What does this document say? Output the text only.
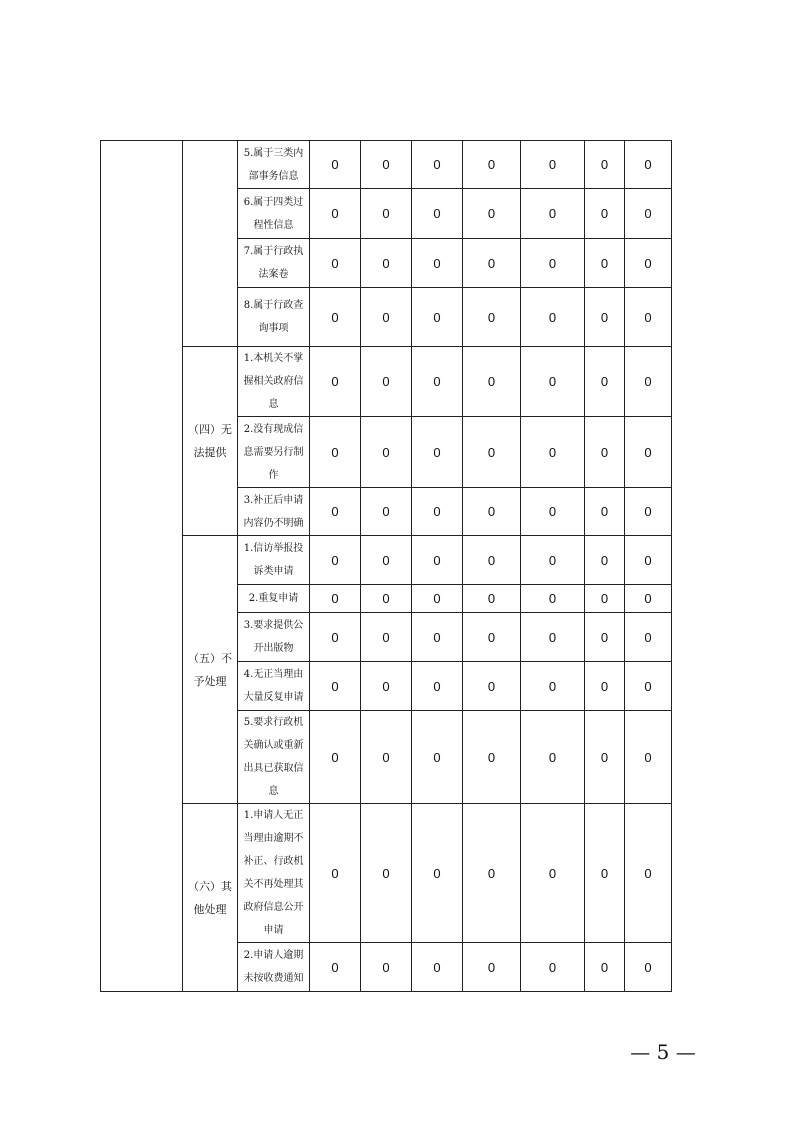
		5.属于三类内部事务信息	0	0	0	0	0	0	0
		6.属于四类过程性信息	0	0	0	0	0	0	0
		7.属于行政执法案卷	0	0	0	0	0	0	0
		8.属于行政查询事项	0	0	0	0	0	0	0
	（四）无法提供	1.本机关不掌握相关政府信息	0	0	0	0	0	0	0
		2.没有现成信息需要另行制作	0	0	0	0	0	0	0
		3.补正后申请内容仍不明确	0	0	0	0	0	0	0
	（五）不予处理	1.信访举报投诉类申请	0	0	0	0	0	0	0
		2.重复申请	0	0	0	0	0	0	0
		3.要求提供公开出版物	0	0	0	0	0	0	0
		4.无正当理由大量反复申请	0	0	0	0	0	0	0
		5.要求行政机关确认或重新出具已获取信息	0	0	0	0	0	0	0
	（六）其他处理	1.申请人无正当理由逾期不补正、行政机关不再处理其政府信息公开申请	0	0	0	0	0	0	0
		2.申请人逾期未按收费通知	0	0	0	0	0	0	0
— 5 —
